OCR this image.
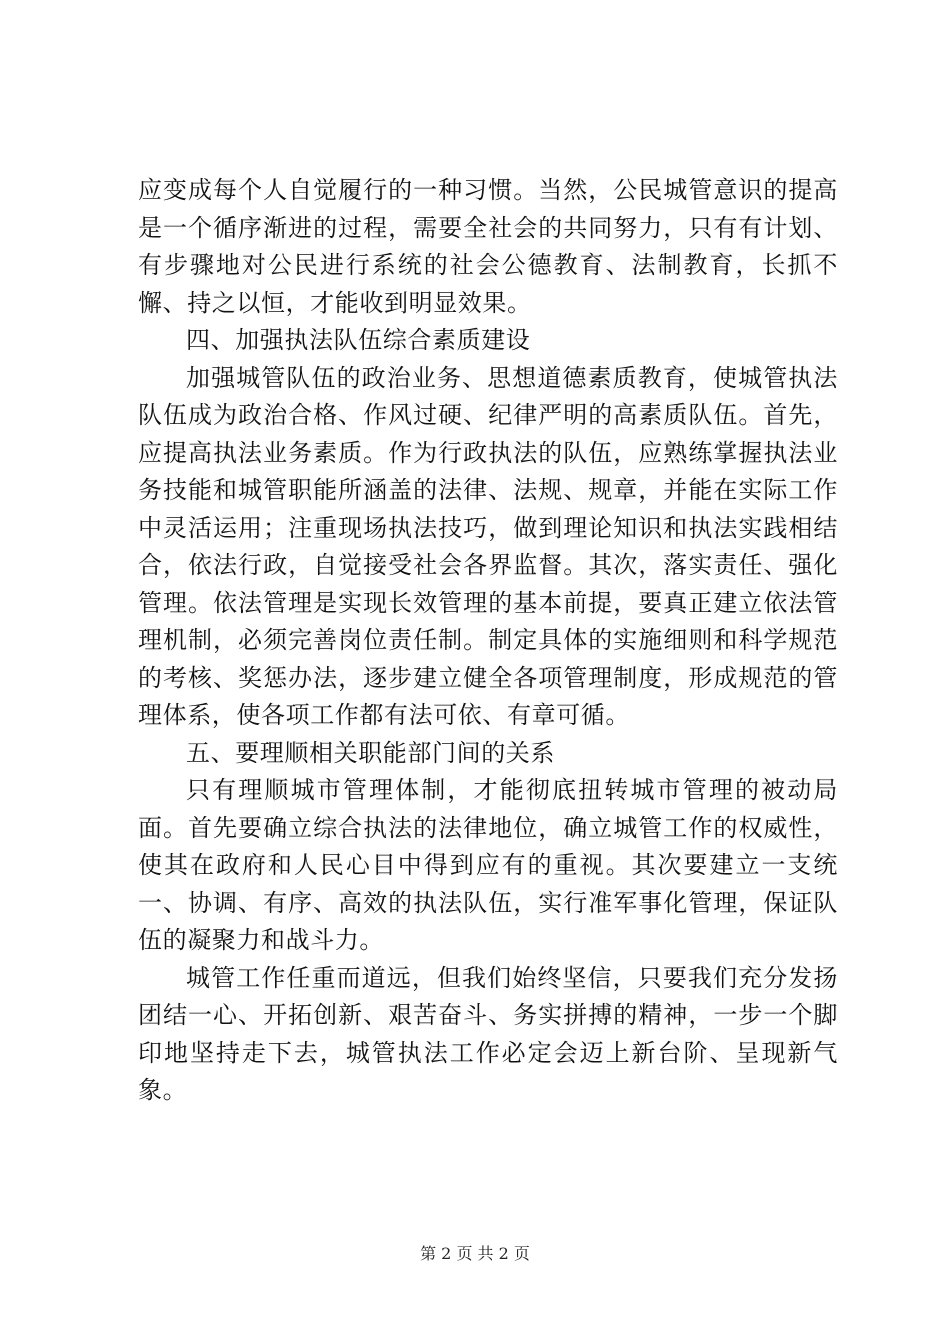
应变成每个人自觉履行的一种习惯。当然，公民城管意识的提高是一个循序渐进的过程，需要全社会的共同努力，只有有计划、有步骤地对公民进行系统的社会公德教育、法制教育，长抓不懈、持之以恒，才能收到明显效果。

四、加强执法队伍综合素质建设

加强城管队伍的政治业务、思想道德素质教育，使城管执法队伍成为政治合格、作风过硬、纪律严明的高素质队伍。首先，应提高执法业务素质。作为行政执法的队伍，应熟练掌握执法业务技能和城管职能所涵盖的法律、法规、规章，并能在实际工作中灵活运用；注重现场执法技巧，做到理论知识和执法实践相结合，依法行政，自觉接受社会各界监督。其次，落实责任、强化管理。依法管理是实现长效管理的基本前提，要真正建立依法管理机制，必须完善岗位责任制。制定具体的实施细则和科学规范的考核、奖惩办法，逐步建立健全各项管理制度，形成规范的管理体系，使各项工作都有法可依、有章可循。

五、要理顺相关职能部门间的关系

只有理顺城市管理体制，才能彻底扭转城市管理的被动局面。首先要确立综合执法的法律地位，确立城管工作的权威性，使其在政府和人民心目中得到应有的重视。其次要建立一支统一、协调、有序、高效的执法队伍，实行准军事化管理，保证队伍的凝聚力和战斗力。

城管工作任重而道远，但我们始终坚信，只要我们充分发扬团结一心、开拓创新、艰苦奋斗、务实拼搏的精神，一步一个脚印地坚持走下去，城管执法工作必定会迈上新台阶、呈现新气象。

第 2 页 共 2 页
